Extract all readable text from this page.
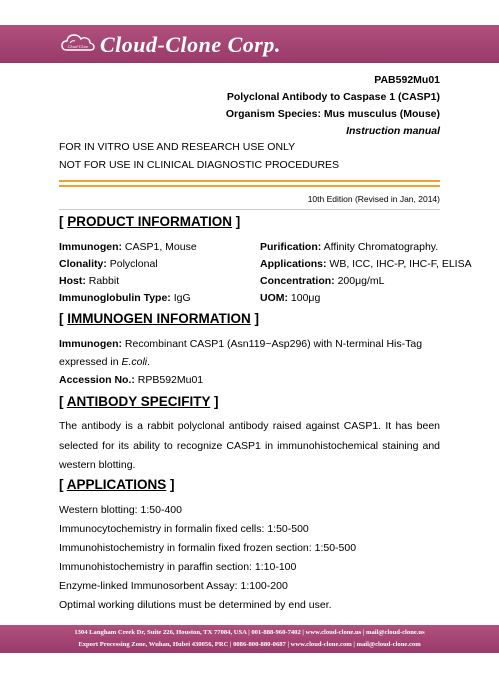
Cloud-Clone Cloud-Clone Corp.
PAB592Mu01
Polyclonal Antibody to Caspase 1 (CASP1)
Organism Species: Mus musculus (Mouse)
Instruction manual
FOR IN VITRO USE AND RESEARCH USE ONLY
NOT FOR USE IN CLINICAL DIAGNOSTIC PROCEDURES
10th Edition (Revised in Jan, 2014)
[ PRODUCT INFORMATION ]
Immunogen: CASP1, Mouse
Clonality: Polyclonal
Host: Rabbit
Immunoglobulin Type: IgG
Purification: Affinity Chromatography.
Applications: WB, ICC, IHC-P, IHC-F, ELISA
Concentration: 200μg/mL
UOM: 100μg
[ IMMUNOGEN INFORMATION ]
Immunogen: Recombinant CASP1 (Asn119~Asp296) with N-terminal His-Tag
expressed in E.coli.
Accession No.: RPB592Mu01
[ ANTIBODY SPECIFITY ]
The antibody is a rabbit polyclonal antibody raised against CASP1. It has been selected for its ability to recognize CASP1 in immunohistochemical staining and western blotting.
[ APPLICATIONS ]
Western blotting: 1:50-400
Immunocytochemistry in formalin fixed cells: 1:50-500
Immunohistochemistry in formalin fixed frozen section: 1:50-500
Immunohistochemistry in paraffin section: 1:10-100
Enzyme-linked Immunosorbent Assay: 1:100-200
Optimal working dilutions must be determined by end user.
1304 Langham Creek Dr, Suite 226, Houston, TX 77084, USA | 001-888-960-7402 | www.cloud-clone.us | mail@cloud-clone.us
Export Processing Zone, Wuhan, Hubei 430056, PRC | 0086-800-880-0687 | www.cloud-clone.com | mail@cloud-clone.com
